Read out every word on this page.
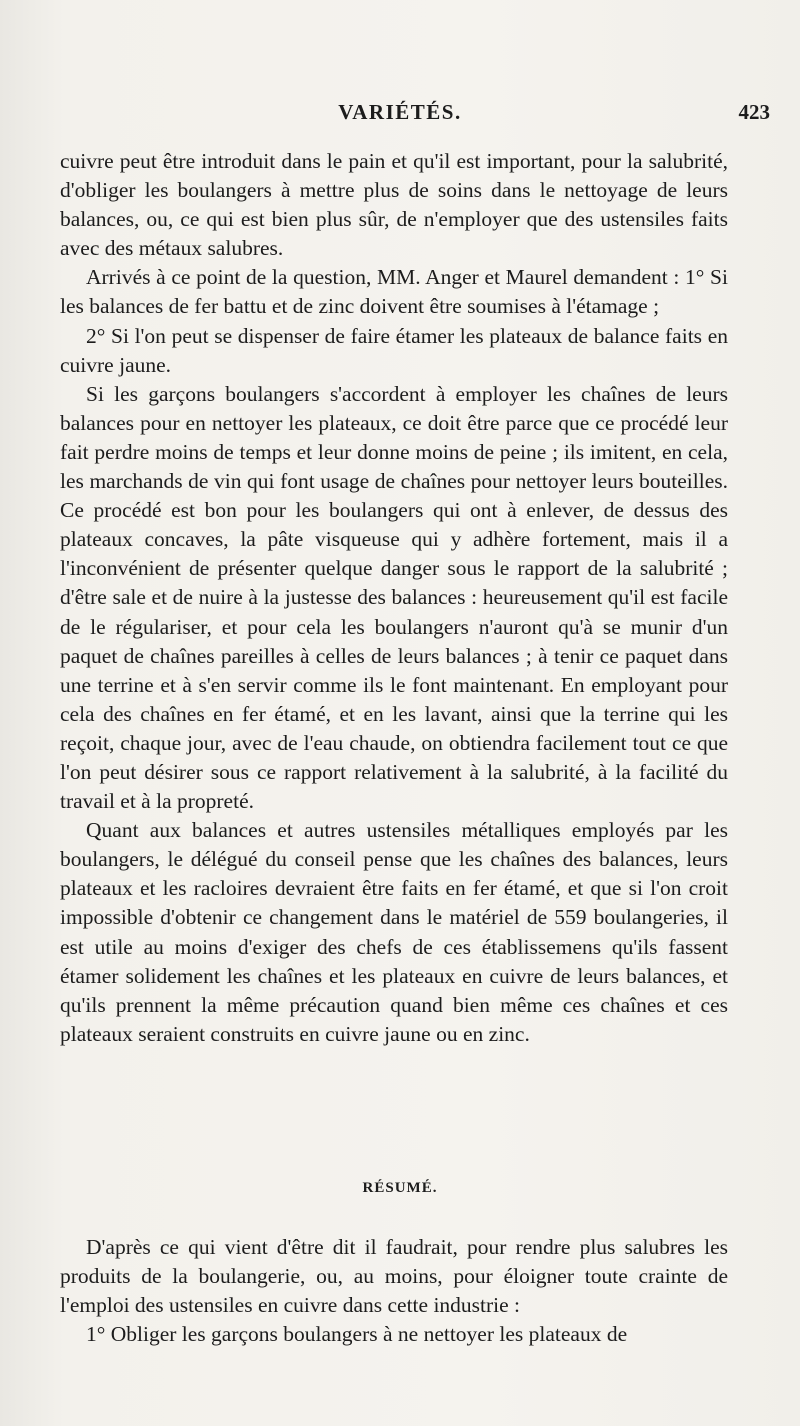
VARIÉTÉS.	423

cuivre peut être introduit dans le pain et qu'il est important, pour la salubrité, d'obliger les boulangers à mettre plus de soins dans le nettoyage de leurs balances, ou, ce qui est bien plus sûr, de n'employer que des ustensiles faits avec des métaux salubres.

Arrivés à ce point de la question, MM. Anger et Maurel demandent : 1° Si les balances de fer battu et de zinc doivent être soumises à l'étamage ;

2° Si l'on peut se dispenser de faire étamer les plateaux de balance faits en cuivre jaune.

Si les garçons boulangers s'accordent à employer les chaînes de leurs balances pour en nettoyer les plateaux, ce doit être parce que ce procédé leur fait perdre moins de temps et leur donne moins de peine ; ils imitent, en cela, les marchands de vin qui font usage de chaînes pour nettoyer leurs bouteilles. Ce procédé est bon pour les boulangers qui ont à enlever, de dessus des plateaux concaves, la pâte visqueuse qui y adhère fortement, mais il a l'inconvénient de présenter quelque danger sous le rapport de la salubrité ; d'être sale et de nuire à la justesse des balances : heureusement qu'il est facile de le régulariser, et pour cela les boulangers n'auront qu'à se munir d'un paquet de chaînes pareilles à celles de leurs balances ; à tenir ce paquet dans une terrine et à s'en servir comme ils le font maintenant. En employant pour cela des chaînes en fer étamé, et en les lavant, ainsi que la terrine qui les reçoit, chaque jour, avec de l'eau chaude, on obtiendra facilement tout ce que l'on peut désirer sous ce rapport relativement à la salubrité, à la facilité du travail et à la propreté.

Quant aux balances et autres ustensiles métalliques employés par les boulangers, le délégué du conseil pense que les chaînes des balances, leurs plateaux et les racloires devraient être faits en fer étamé, et que si l'on croit impossible d'obtenir ce changement dans le matériel de 559 boulangeries, il est utile au moins d'exiger des chefs de ces établissemens qu'ils fassent étamer solidement les chaînes et les plateaux en cuivre de leurs balances, et qu'ils prennent la même précaution quand bien même ces chaînes et ces plateaux seraient construits en cuivre jaune ou en zinc.

RÉSUMÉ.

D'après ce qui vient d'être dit il faudrait, pour rendre plus salubres les produits de la boulangerie, ou, au moins, pour éloigner toute crainte de l'emploi des ustensiles en cuivre dans cette industrie :

1° Obliger les garçons boulangers à ne nettoyer les plateaux de
